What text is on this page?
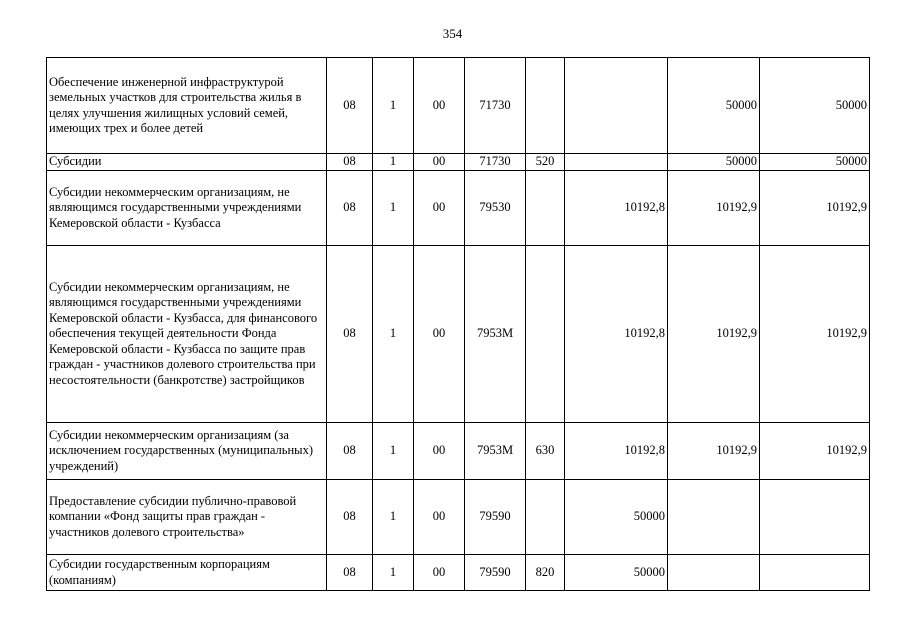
354
Обеспечение инженерной инфраструктурой земельных участков для строительства жилья в целях улучшения жилищных условий семей, имеющих трех и более детей	08	1	00	71730			50000	50000
Субсидии	08	1	00	71730	520		50000	50000
Субсидии некоммерческим организациям, не являющимся государственными учреждениями Кемеровской области - Кузбасса	08	1	00	79530		10192,8	10192,9	10192,9
Субсидии некоммерческим организациям, не являющимся государственными учреждениями Кемеровской области - Кузбасса, для финансового обеспечения текущей деятельности Фонда Кемеровской области - Кузбасса по защите прав граждан - участников долевого строительства при несостоятельности (банкротстве) застройщиков	08	1	00	7953М		10192,8	10192,9	10192,9
Субсидии некоммерческим организациям (за исключением государственных (муниципальных) учреждений)	08	1	00	7953М	630	10192,8	10192,9	10192,9
Предоставление субсидии публично-правовой компании «Фонд защиты прав граждан - участников долевого строительства»	08	1	00	79590		50000		
Субсидии государственным корпорациям (компаниям)	08	1	00	79590	820	50000		
